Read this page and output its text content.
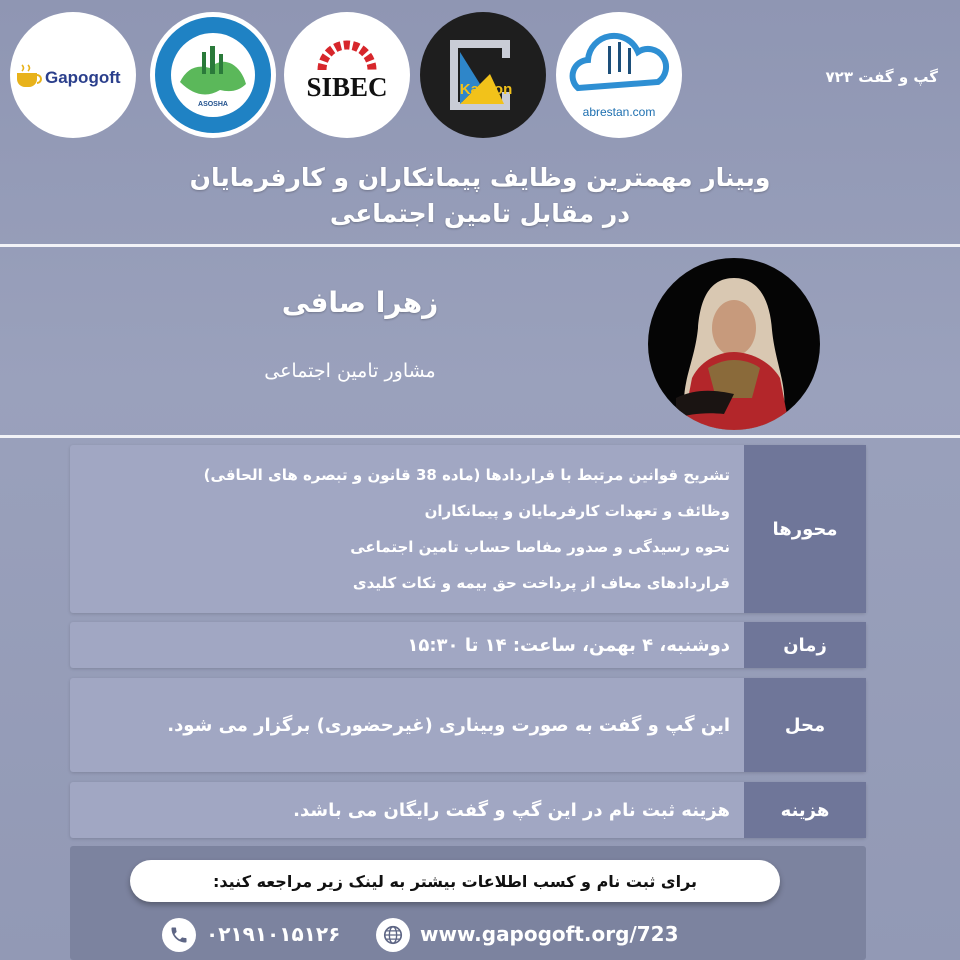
Gapogoft
ASOSHA
SIBEC	Kardon
abrestan.com
گپ و گفت ۷۲۳
وبینار مهمترین وظایف پیمانکاران و کارفرمایان
در مقابل تامین اجتماعی
زهرا صافی
مشاور تامین اجتماعی
محورها
تشریح قوانین مرتبط با قراردادها (ماده 38 قانون و تبصره های الحاقی)
وظائف و تعهدات کارفرمایان و پیمانکاران
نحوه رسیدگی و صدور مفاصا حساب تامین اجتماعی
قراردادهای معاف از پرداخت حق بیمه و نکات کلیدی
زمان
دوشنبه، ۴ بهمن، ساعت: ۱۴ تا ۱۵:۳۰
محل
این گپ و گفت به صورت وبیناری (غیرحضوری) برگزار می شود.
هزینه
هزینه ثبت نام در این گپ و گفت رایگان می باشد.
برای ثبت نام و کسب اطلاعات بیشتر به لینک زیر مراجعه کنید:
۰۲۱۹۱۰۱۵۱۲۶	www.gapogoft.org/723
